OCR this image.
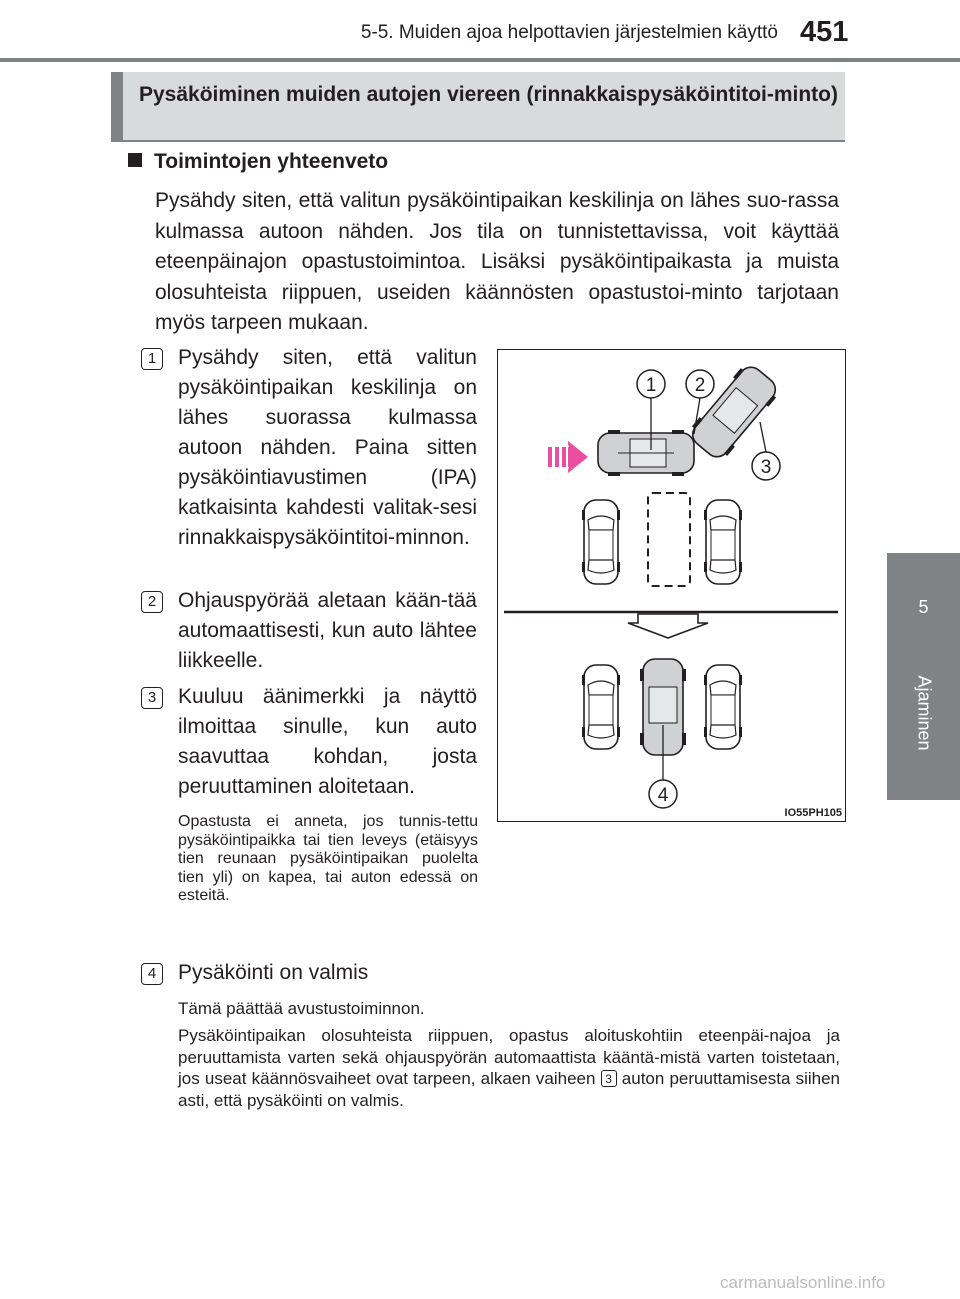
5-5. Muiden ajoa helpottavien järjestelmien käyttö 451
5
Ajaminen
Pysäköiminen muiden autojen viereen (rinnakkaispysäköintitoi-minto)
Toimintojen yhteenveto
Pysähdy siten, että valitun pysäköintipaikan keskilinja on lähes suo-rassa kulmassa autoon nähden. Jos tila on tunnistettavissa, voit käyttää eteenpäinajon opastustoimintoa. Lisäksi pysäköintipaikasta ja muista olosuhteista riippuen, useiden käännösten opastustoi-minto tarjotaan myös tarpeen mukaan.
1	Pysähdy siten, että valitun pysäköintipaikan keskilinja on lähes suorassa kulmassa autoon nähden. Paina sitten pysäköintiavustimen (IPA) katkaisinta kahdesti valitak-sesi rinnakkaispysäköintitoi-minnon.
2	Ohjauspyörää aletaan kään-tää automaattisesti, kun auto lähtee liikkeelle.
3	Kuuluu äänimerkki ja näyttö ilmoittaa sinulle, kun auto saavuttaa kohdan, josta peruuttaminen aloitetaan.
Opastusta ei anneta, jos tunnis-tettu pysäköintipaikka tai tien leveys (etäisyys tien reunaan pysäköintipaikan puolelta tien yli) on kapea, tai auton edessä on esteitä.
4	Pysäköinti on valmis
Tämä päättää avustustoiminnon.
Pysäköintipaikan olosuhteista riippuen, opastus aloituskohtiin eteenpäi-najoa ja peruuttamista varten sekä ohjauspyörän automaattista kääntä-mistä varten toistetaan, jos useat käännösvaiheet ovat tarpeen, alkaen vaiheen 3 auton peruuttamisesta siihen asti, että pysäköinti on valmis.
1 2
3
4
IO55PH105
carmanualsonline.info
